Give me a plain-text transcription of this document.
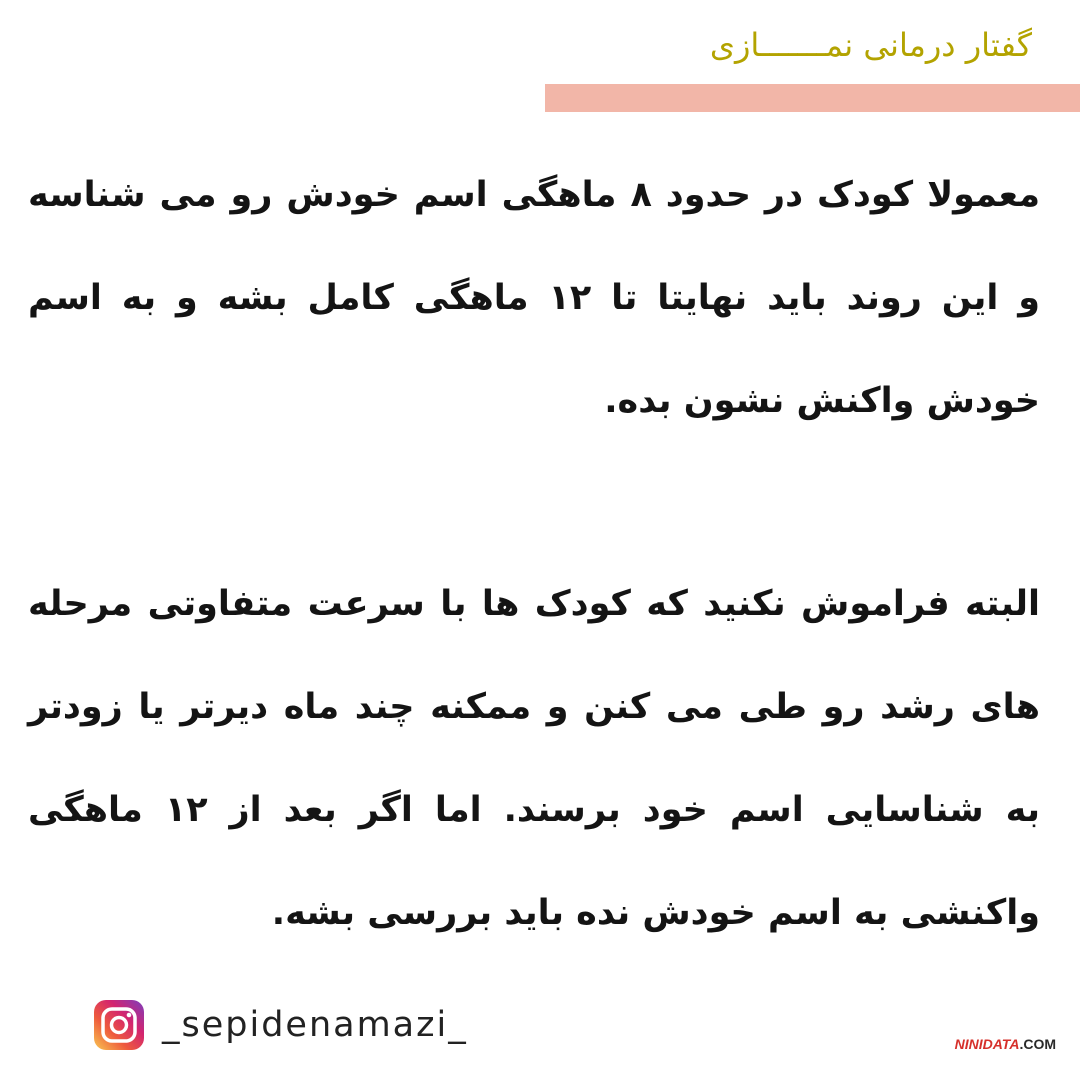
گفتار درمانی نمـــــــازی
معمولا کودک در حدود ۸ ماهگی اسم خودش رو می شناسه و این روند باید نهایتا تا ۱۲ ماهگی کامل بشه و به اسم خودش واکنش نشون بده.
البته فراموش نکنید که کودک ها با سرعت متفاوتی مرحله های رشد رو طی می کنن و ممکنه چند ماه دیرتر یا زودتر به شناسایی اسم خود برسند. اما اگر بعد از ۱۲ ماهگی واکنشی به اسم خودش نده باید بررسی بشه.
_sepidenamazi_	NINIDATA.COM
